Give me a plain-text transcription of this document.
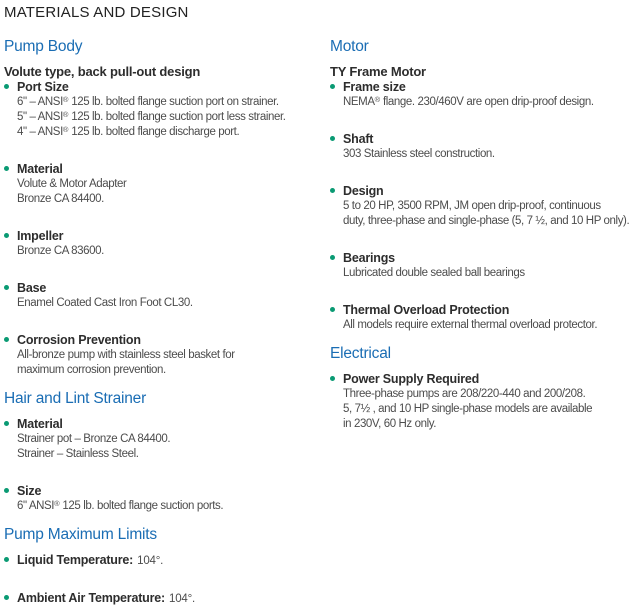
MATERIALS AND DESIGN
Pump Body
Volute type, back pull-out design
Port Size
6" – ANSI® 125 lb. bolted flange suction port on strainer.
5" – ANSI® 125 lb. bolted flange suction port less strainer.
4" – ANSI® 125 lb. bolted flange discharge port.
Material
Volute & Motor Adapter
Bronze CA 84400.
Impeller
Bronze CA 83600.
Base
Enamel Coated Cast Iron Foot CL30.
Corrosion Prevention
All-bronze pump with stainless steel basket for
maximum corrosion prevention.
Hair and Lint Strainer
Material
Strainer pot – Bronze CA 84400.
Strainer – Stainless Steel.
Size
6" ANSI® 125 lb. bolted flange suction ports.
Pump Maximum Limits
Liquid Temperature: 104°.
Ambient Air Temperature: 104°.
Motor
TY Frame Motor
Frame size
NEMA® flange. 230/460V are open drip-proof design.
Shaft
303 Stainless steel construction.
Design
5 to 20 HP, 3500 RPM, JM open drip-proof, continuous
duty, three-phase and single-phase (5, 7 ½, and 10 HP only).
Bearings
Lubricated double sealed ball bearings
Thermal Overload Protection
All models require external thermal overload protector.
Electrical
Power Supply Required
Three-phase pumps are 208/220-440 and 200/208.
5, 7½ , and 10 HP single-phase models are available
in 230V, 60 Hz only.
